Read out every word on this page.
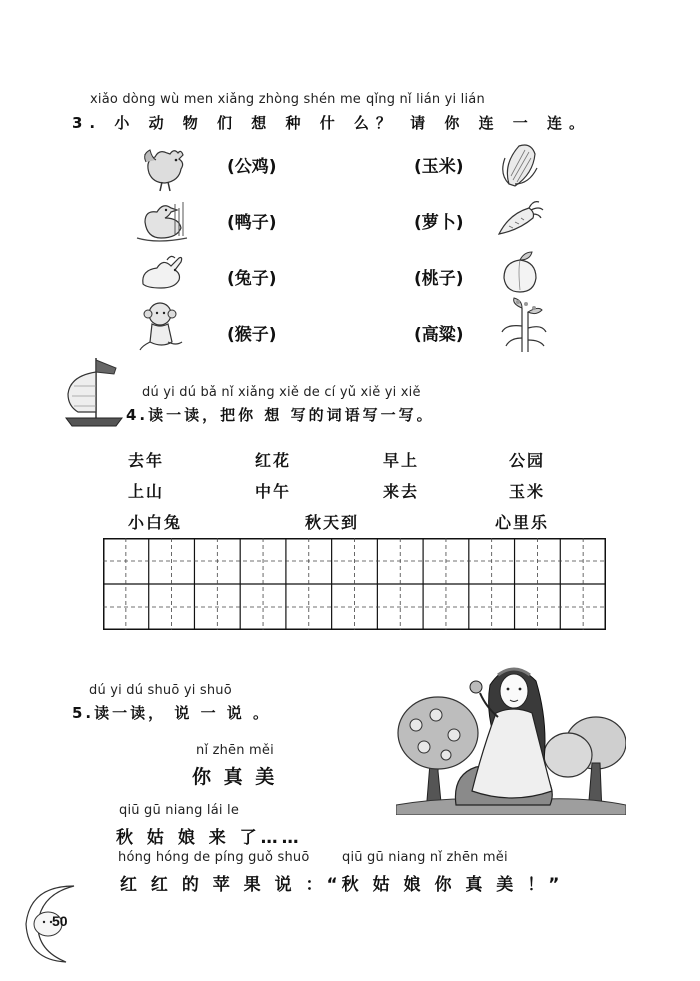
xiǎo dòng wù men xiǎng zhòng shén me qǐng nǐ lián yi lián
3. 小 动 物 们 想 种 什 么？ 请 你 连 一 连。
(公鸡)
(鸭子)
(兔子)
(猴子)
(玉米)
(萝卜)
(桃子)
(高粱)
dú yi dú bǎ nǐ xiǎng xiě de cí yǔ xiě yi xiě
4.读一读，把你 想 写的词语写一写。
去年	红花	早上	公园
上山	中午	来去	玉米
小白兔	秋天到	心里乐
dú yi dú shuō yi shuō
5.读一读， 说 一 说 。
nǐ zhēn měi
你 真 美
qiū gū niang lái le
秋 姑 娘 来 了……
hóng hóng de píng guǒ shuō	qiū gū niang nǐ zhēn měi
红 红 的 苹 果 说 ：“秋 姑 娘 你 真 美 ！”
50
